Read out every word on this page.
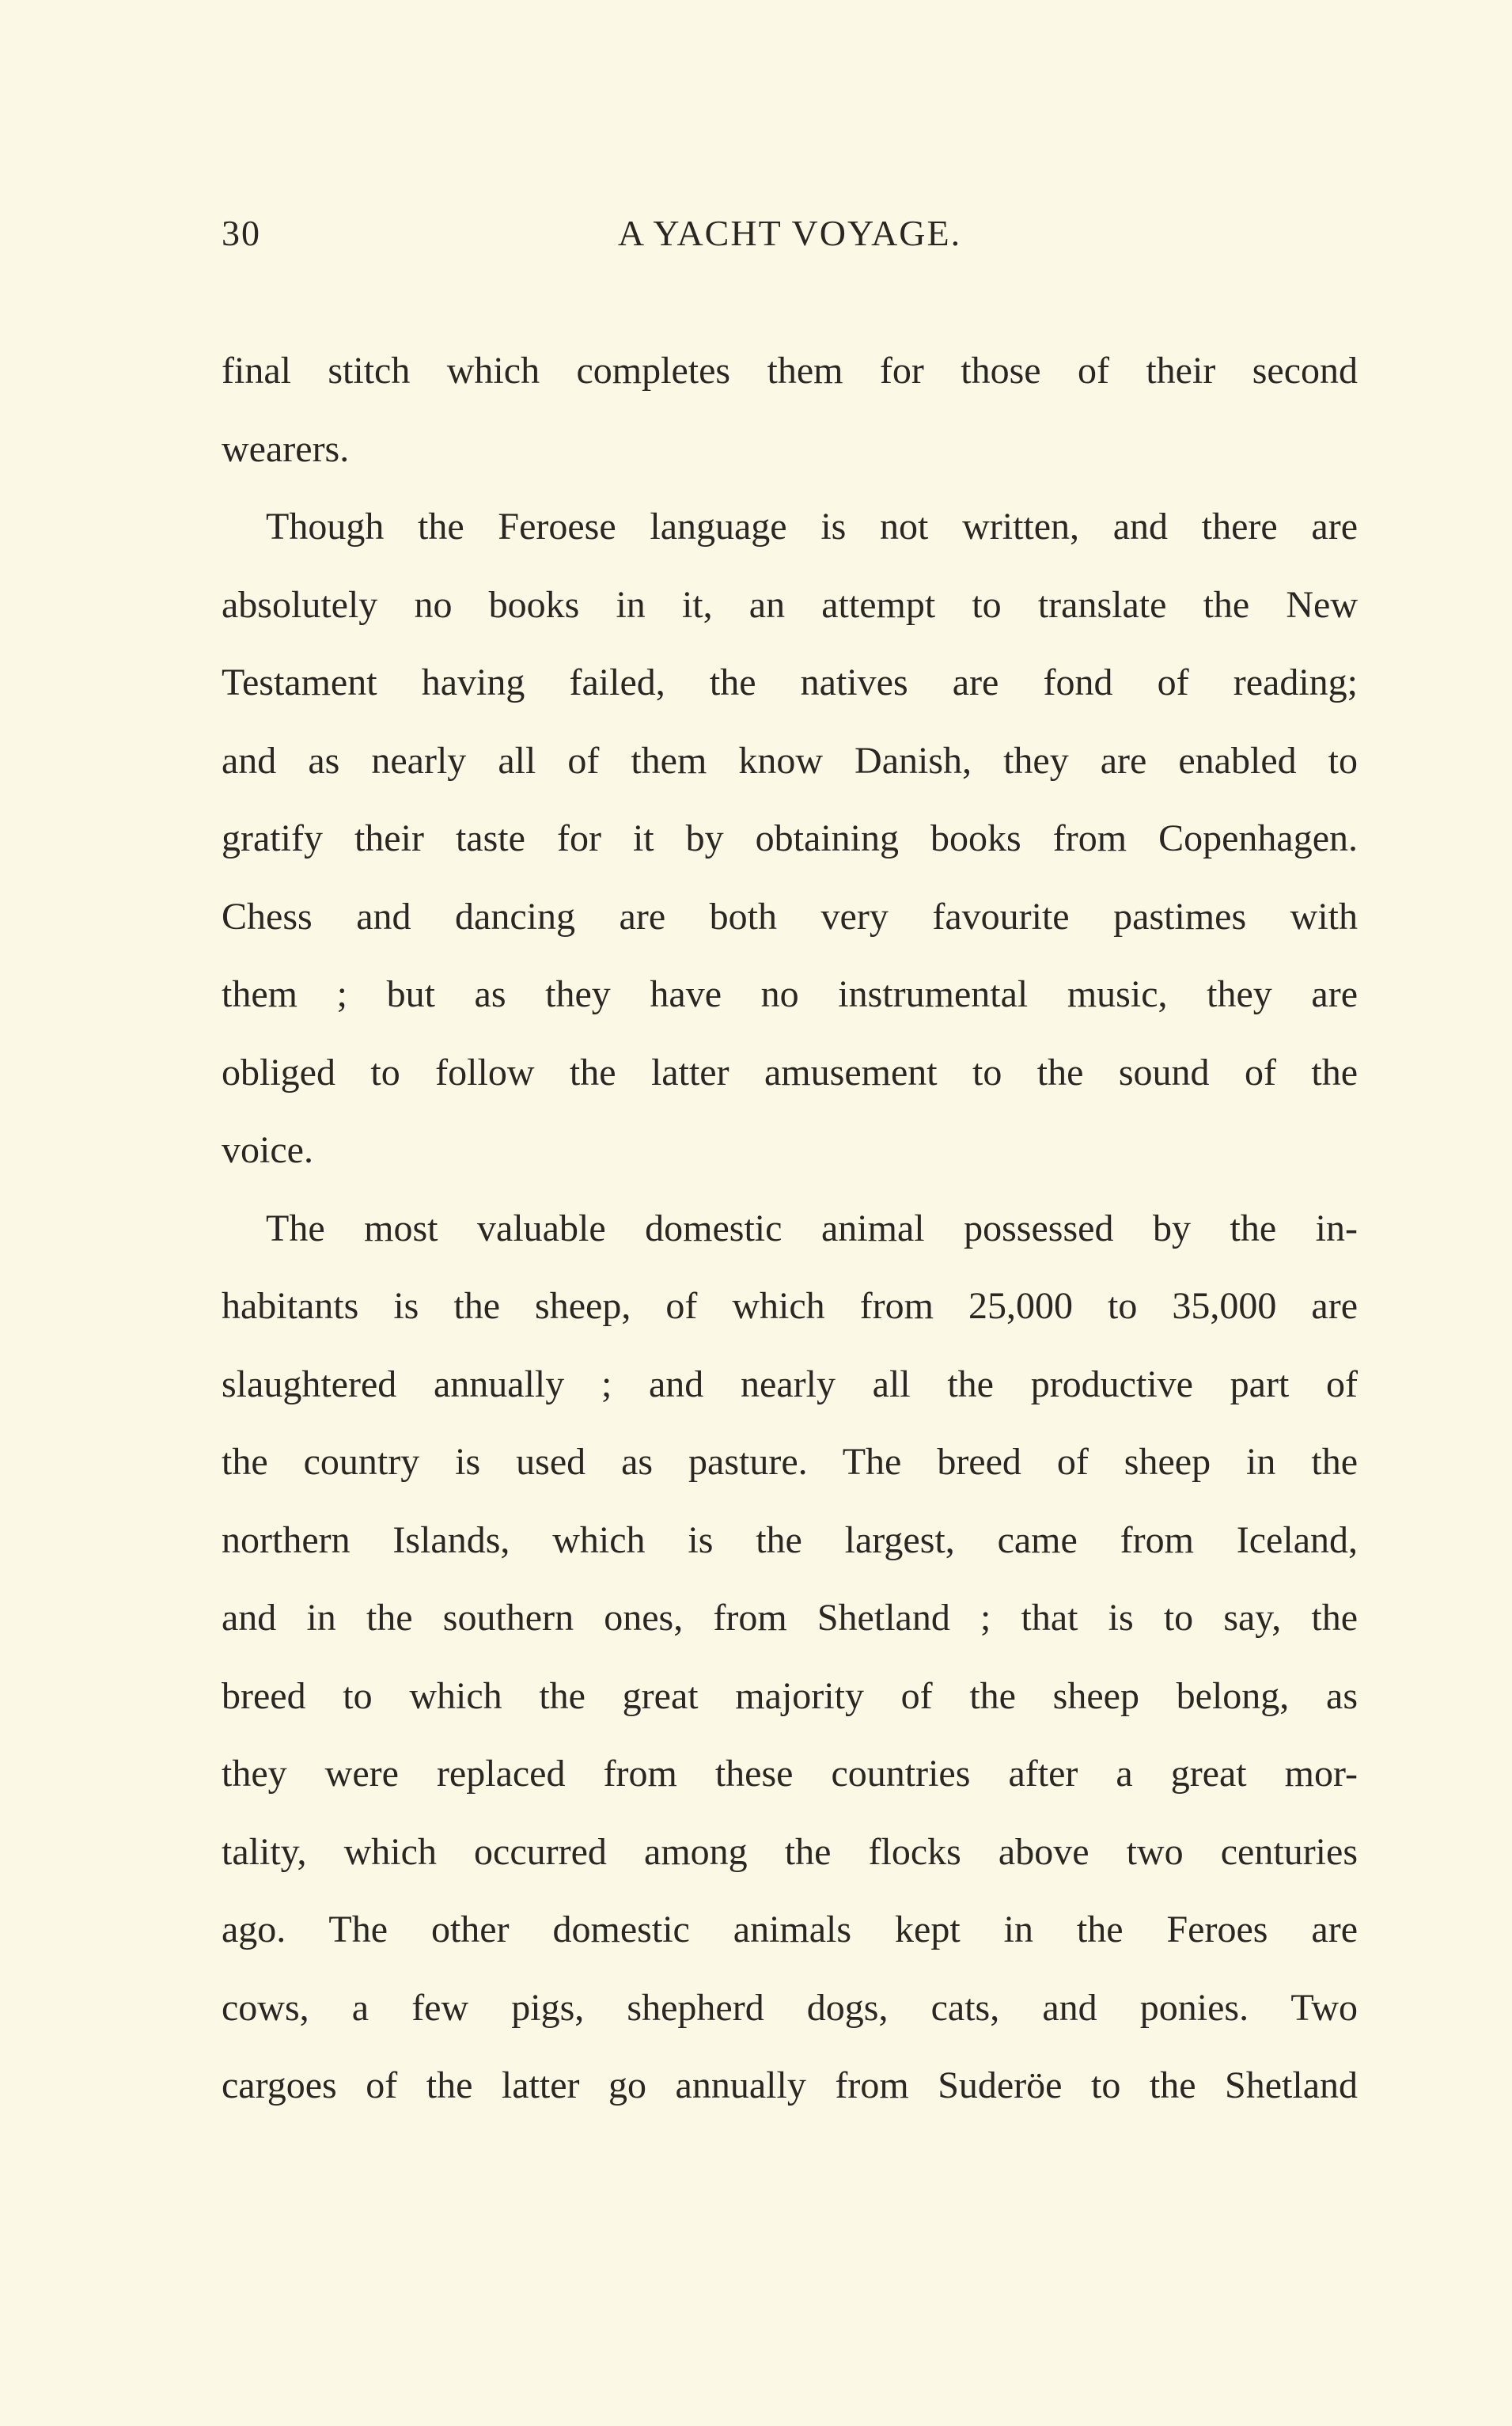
30	A YACHT VOYAGE.
final stitch which completes them for those of their second
wearers.
Though the Feroese language is not written, and there are
absolutely no books in it, an attempt to translate the New
Testament having failed, the natives are fond of reading;
and as nearly all of them know Danish, they are enabled to
gratify their taste for it by obtaining books from Copenhagen.
Chess and dancing are both very favourite pastimes with
them ; but as they have no instrumental music, they are
obliged to follow the latter amusement to the sound of the
voice.
The most valuable domestic animal possessed by the in-
habitants is the sheep, of which from 25,000 to 35,000 are
slaughtered annually ; and nearly all the productive part of
the country is used as pasture. The breed of sheep in the
northern Islands, which is the largest, came from Iceland,
and in the southern ones, from Shetland ; that is to say, the
breed to which the great majority of the sheep belong, as
they were replaced from these countries after a great mor-
tality, which occurred among the flocks above two centuries
ago. The other domestic animals kept in the Feroes are
cows, a few pigs, shepherd dogs, cats, and ponies. Two
cargoes of the latter go annually from Suderöe to the Shetland
